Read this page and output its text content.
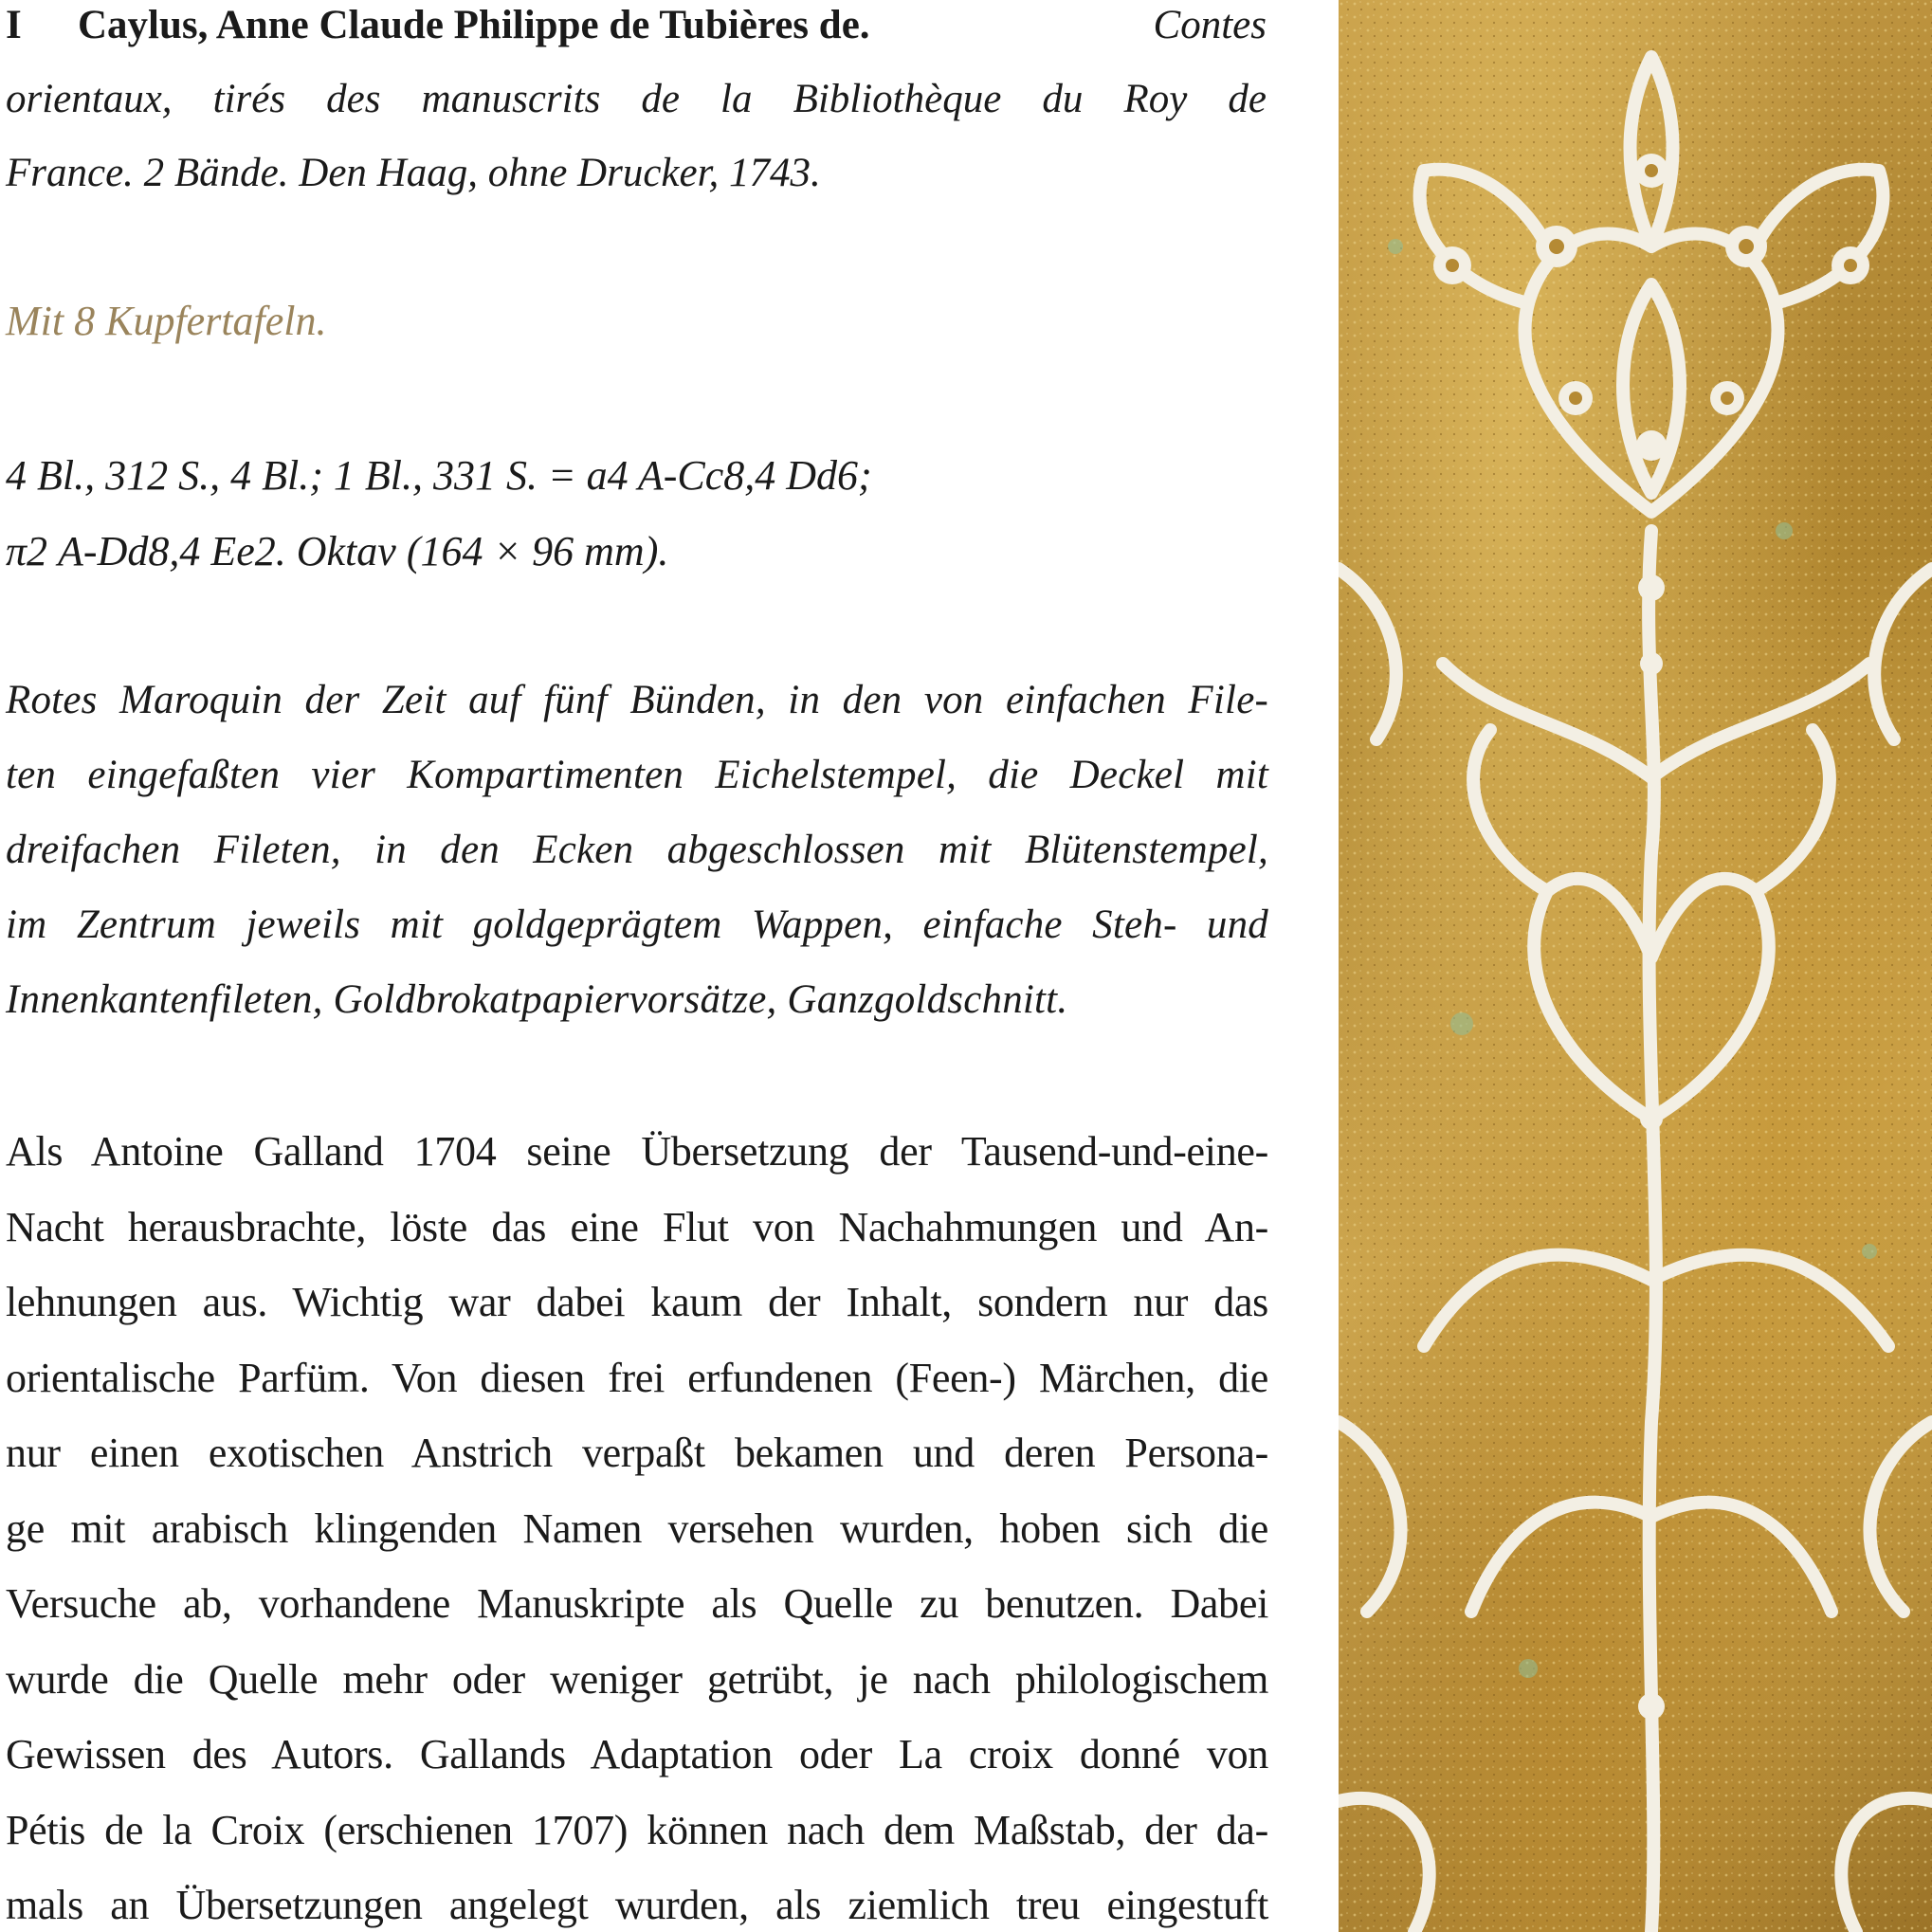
I Caylus, Anne Claude Philippe de Tubières de.	Contes
orientaux, tirés des manuscrits de la Bibliothèque du Roy de
France. 2 Bände. Den Haag, ohne Drucker, 1743.

Mit 8 Kupfertafeln.

4 Bl., 312 S., 4 Bl.; 1 Bl., 331 S. = a4 A-Cc8,4 Dd6;
π2 A-Dd8,4 Ee2. Oktav (164 × 96 mm).
Rotes Maroquin der Zeit auf fünf Bünden, in den von einfachen File-
ten eingefaßten vier Kompartimenten Eichelstempel, die Deckel mit
dreifachen Fileten, in den Ecken abgeschlossen mit Blütenstempel,
im Zentrum jeweils mit goldgeprägtem Wappen, einfache Steh- und
Innenkantenfileten, Goldbrokatpapiervorsätze, Ganzgoldschnitt.
Als Antoine Galland 1704 seine Übersetzung der Tausend-und-eine-
Nacht herausbrachte, löste das eine Flut von Nachahmungen und An-
lehnungen aus. Wichtig war dabei kaum der Inhalt, sondern nur das
orientalische Parfüm. Von diesen frei erfundenen (Feen-) Märchen, die
nur einen exotischen Anstrich verpaßt bekamen und deren Persona-
ge mit arabisch klingenden Namen versehen wurden, hoben sich die
Versuche ab, vorhandene Manuskripte als Quelle zu benutzen. Dabei
wurde die Quelle mehr oder weniger getrübt, je nach philologischem
Gewissen des Autors. Gallands Adaptation oder La croix donné von
Pétis de la Croix (erschienen 1707) können nach dem Maßstab, der da-
mals an Übersetzungen angelegt wurden, als ziemlich treu eingestuft
